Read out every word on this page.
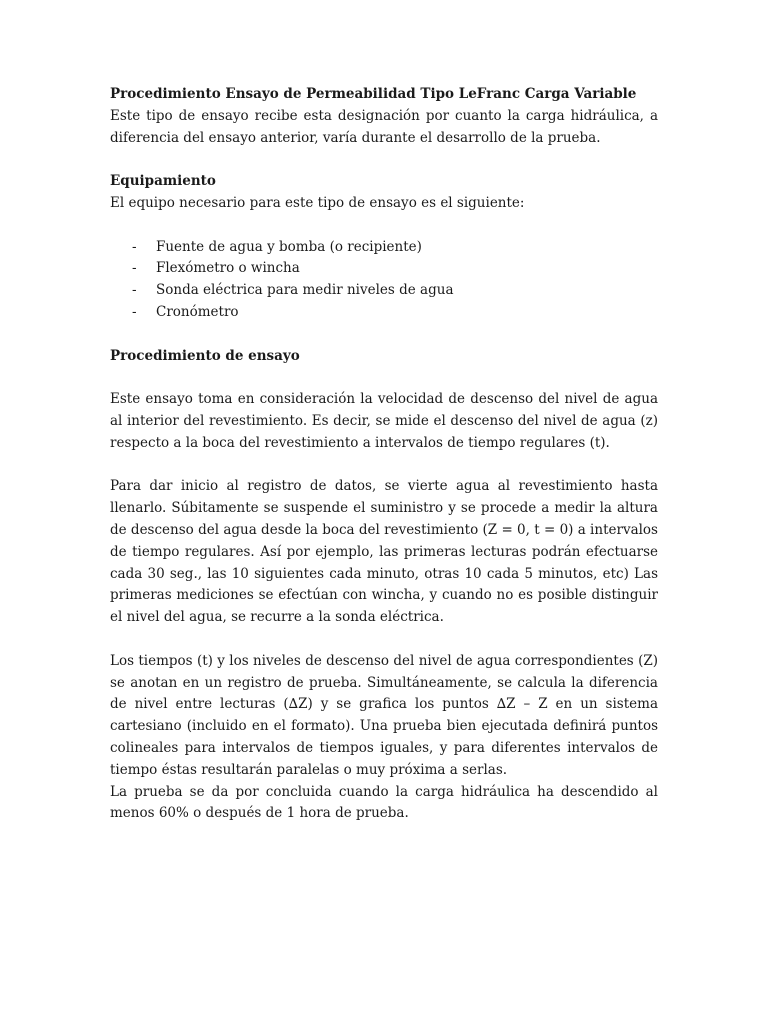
Procedimiento Ensayo de Permeabilidad Tipo LeFranc Carga Variable

Este tipo de ensayo recibe esta designación por cuanto la carga hidráulica, a diferencia del ensayo anterior, varía durante el desarrollo de la prueba.

Equipamiento

El equipo necesario para este tipo de ensayo es el siguiente:

- Fuente de agua y bomba (o recipiente)
- Flexómetro o wincha
- Sonda eléctrica para medir niveles de agua
- Cronómetro

Procedimiento de ensayo

Este ensayo toma en consideración la velocidad de descenso del nivel de agua al interior del revestimiento. Es decir, se mide el descenso del nivel de agua (z) respecto a la boca del revestimiento a intervalos de tiempo regulares (t).

Para dar inicio al registro de datos, se vierte agua al revestimiento hasta llenarlo. Súbitamente se suspende el suministro y se procede a medir la altura de descenso del agua desde la boca del revestimiento (Z = 0, t = 0) a intervalos de tiempo regulares. Así por ejemplo, las primeras lecturas podrán efectuarse cada 30 seg., las 10 siguientes cada minuto, otras 10 cada 5 minutos, etc) Las primeras mediciones se efectúan con wincha, y cuando no es posible distinguir el nivel del agua, se recurre a la sonda eléctrica.

Los tiempos (t) y los niveles de descenso del nivel de agua correspondientes (Z) se anotan en un registro de prueba. Simultáneamente, se calcula la diferencia de nivel entre lecturas (∆Z) y se grafica los puntos ∆Z – Z en un sistema cartesiano (incluido en el formato). Una prueba bien ejecutada definirá puntos colineales para intervalos de tiempos iguales, y para diferentes intervalos de tiempo éstas resultarán paralelas o muy próxima a serlas.

La prueba se da por concluida cuando la carga hidráulica ha descendido al menos 60% o después de 1 hora de prueba.
